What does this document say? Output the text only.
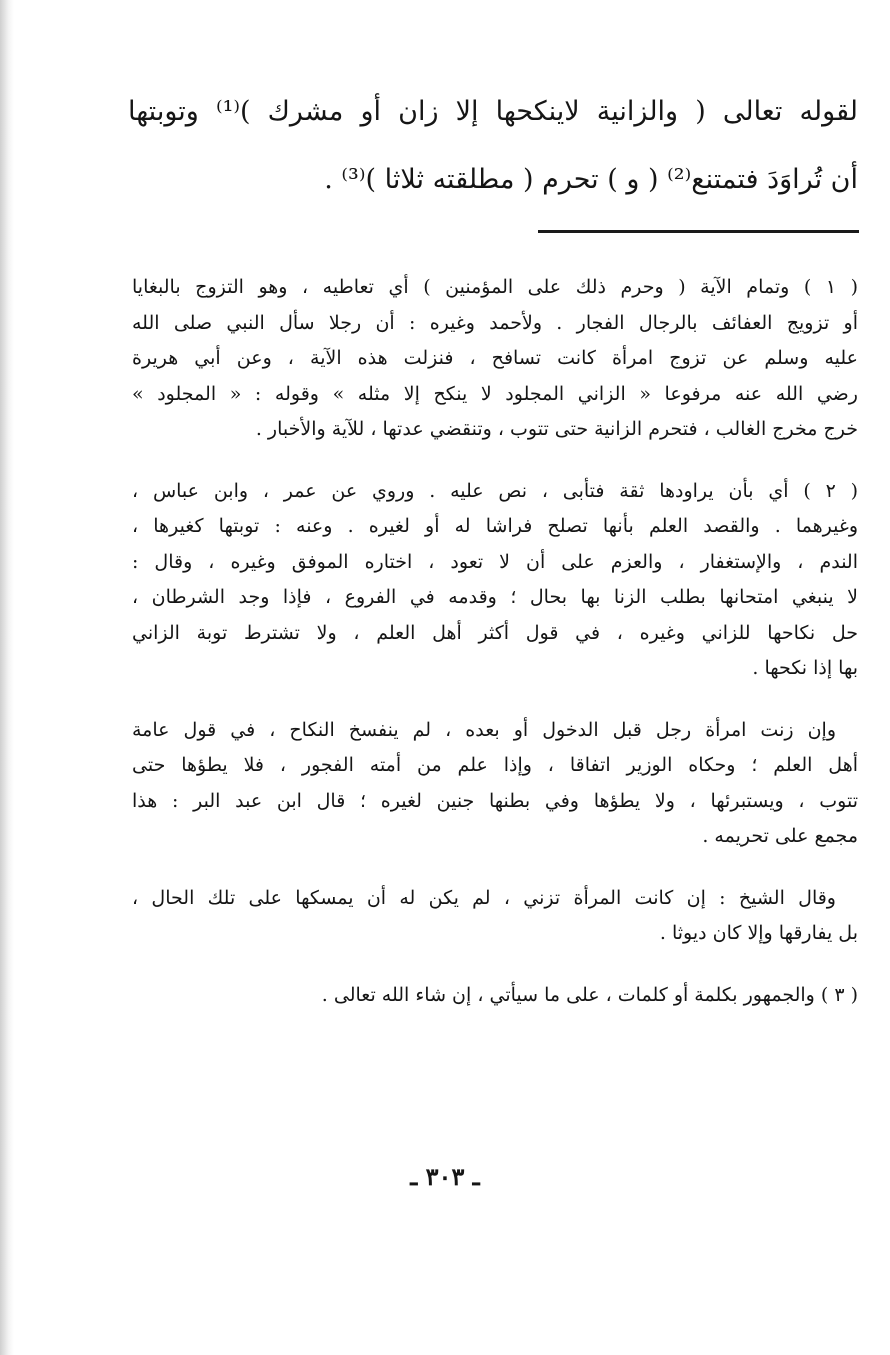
لقوله تعالى ( والزانية لاينكحها إلا زان أو مشرك )⁽¹⁾ وتوبتها
أن تُراوَدَ فتمتنع⁽²⁾ ( و ) تحرم ( مطلقته ثلاثا )⁽³⁾ .
( ١ ) وتمام الآية ( وحرم ذلك على المؤمنين ) أي تعاطيه ، وهو التزوج بالبغايا
أو تزويج العفائف بالرجال الفجار . ولأحمد وغيره : أن رجلا سأل النبي صلى الله
عليه وسلم عن تزوج امرأة كانت تسافح ، فنزلت هذه الآية ، وعن أبي هريرة
رضي الله عنه مرفوعا « الزاني المجلود لا ينكح إلا مثله » وقوله : « المجلود »
خرج مخرج الغالب ، فتحرم الزانية حتى تتوب ، وتنقضي عدتها ، للآية والأخبار .
( ٢ ) أي بأن يراودها ثقة فتأبى ، نص عليه . وروي عن عمر ، وابن عباس ،
وغيرهما . والقصد العلم بأنها تصلح فراشا له أو لغيره . وعنه : توبتها كغيرها ،
الندم ، والإستغفار ، والعزم على أن لا تعود ، اختاره الموفق وغيره ، وقال :
لا ينبغي امتحانها بطلب الزنا بها بحال ؛ وقدمه في الفروع ، فإذا وجد الشرطان ،
حل نكاحها للزاني وغيره ، في قول أكثر أهل العلم ، ولا تشترط توبة الزاني
بها إذا نكحها .
وإن زنت امرأة رجل قبل الدخول أو بعده ، لم ينفسخ النكاح ، في قول عامة
أهل العلم ؛ وحكاه الوزير اتفاقا ، وإذا علم من أمته الفجور ، فلا يطؤها حتى
تتوب ، ويستبرئها ، ولا يطؤها وفي بطنها جنين لغيره ؛ قال ابن عبد البر : هذا
مجمع على تحريمه .
وقال الشيخ : إن كانت المرأة تزني ، لم يكن له أن يمسكها على تلك الحال ،
بل يفارقها وإلا كان ديوثا .
( ٣ ) والجمهور بكلمة أو كلمات ، على ما سيأتي ، إن شاء الله تعالى .
ـ ٣٠٣ ـ
